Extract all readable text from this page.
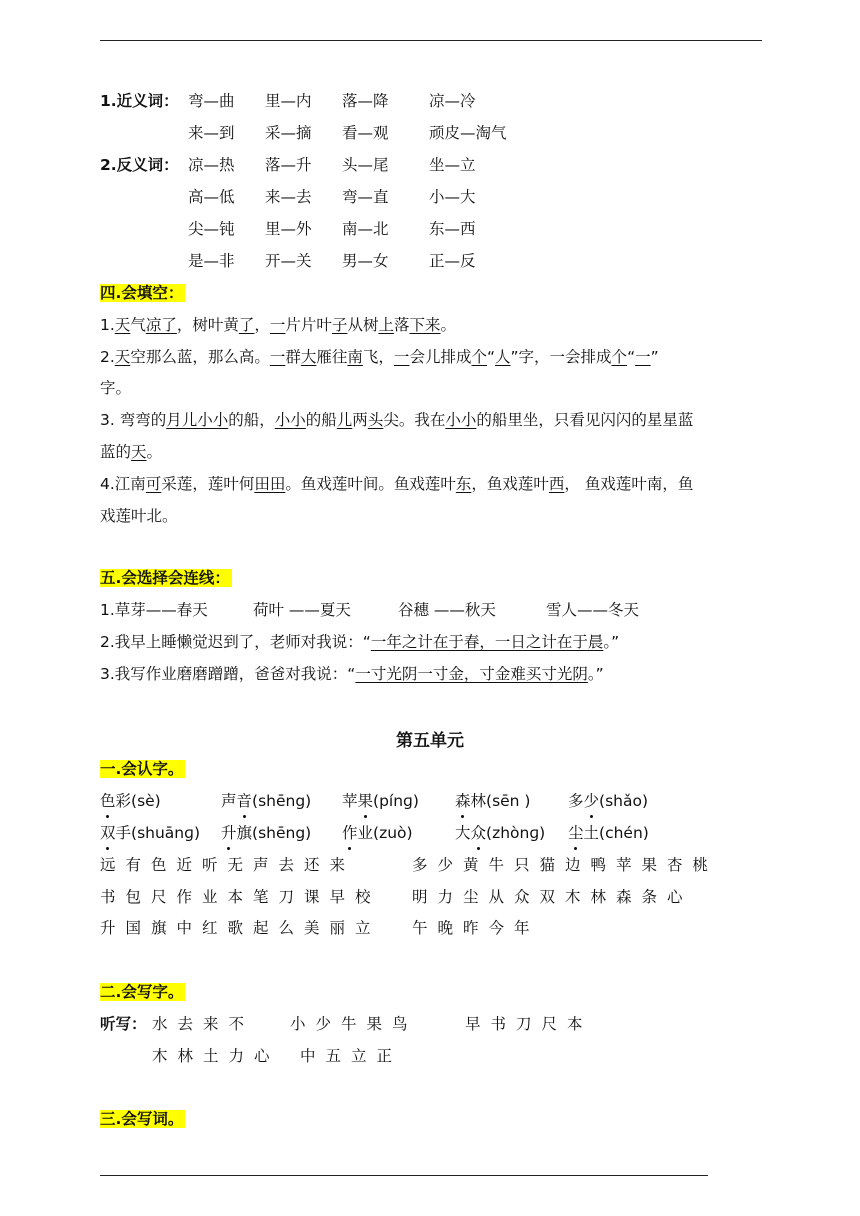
1.近义词： 弯—曲 里—内 落—降	凉—冷
来—到 采—摘 看—观	顽皮—淘气
2.反义词： 凉—热 落—升 头—尾	坐—立
高—低 来—去 弯—直	小—大
尖—钝 里—外 南—北	东—西
是—非 开—关 男—女	正—反
四.会填空：
1.天气凉了，树叶黄了，一片片叶子从树上落下来。
2.天空那么蓝，那么高。一群大雁往南飞，一会儿排成个“人”字，一会排成个“一”
字。
3. 弯弯的月儿小小的船，小小的船儿两头尖。我在小小的船里坐，只看见闪闪的星星蓝
蓝的天。
4.江南可采莲，莲叶何田田。鱼戏莲叶间。鱼戏莲叶东，鱼戏莲叶西， 鱼戏莲叶南，鱼
戏莲叶北。
五.会选择会连线：
1.草芽——春天	荷叶 ——夏天	谷穗 ——秋天	雪人——冬天
2.我早上睡懒觉迟到了，老师对我说：“一年之计在于春，一日之计在于晨。”
3.我写作业磨磨蹭蹭，爸爸对我说：“一寸光阴一寸金，寸金难买寸光阴。”
第五单元
一.会认字。
色彩(sè)	声音(shēng) 苹果(pínɡ) 森林(sēn ) 多少(shǎo)
双手(shuānɡ) 升旗(shēng) 作业(zuò)	大众(zhònɡ) 尘土(chén)
远有色近听无声去还来	多少黄牛只猫边鸭苹果杏桃
书包尺作业本笔刀课早校 明力尘从众双木林森条心
升国旗中红歌起么美丽立 午晚昨今年
二.会写字。
听写： 水去来不 小少牛果鸟	早书刀尺本
木林土力心 中五立正
三.会写词。
